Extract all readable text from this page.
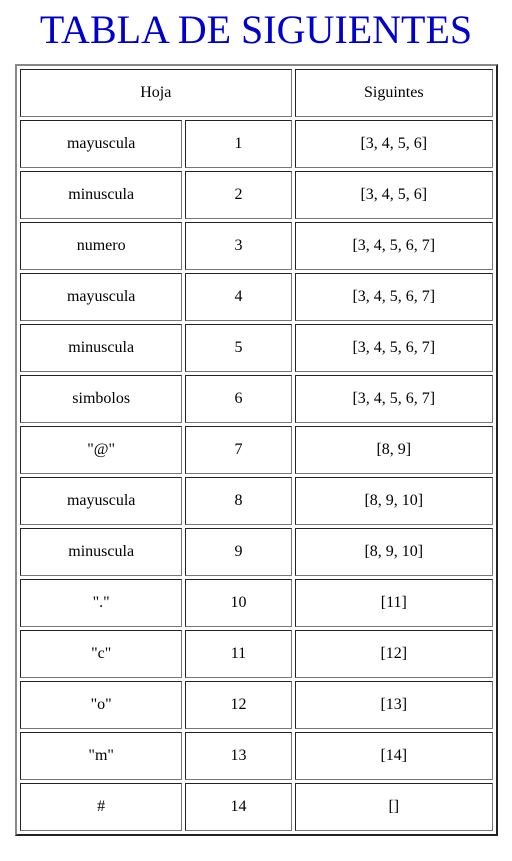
TABLA DE SIGUIENTES
Hoja		Siguintes
mayuscula	1	[3, 4, 5, 6]
minuscula	2	[3, 4, 5, 6]
numero	3	[3, 4, 5, 6, 7]
mayuscula	4	[3, 4, 5, 6, 7]
minuscula	5	[3, 4, 5, 6, 7]
simbolos	6	[3, 4, 5, 6, 7]
"@"	7	[8, 9]
mayuscula	8	[8, 9, 10]
minuscula	9	[8, 9, 10]
"."	10	[11]
"c"	11	[12]
"o"	12	[13]
"m"	13	[14]
#	14	[]
